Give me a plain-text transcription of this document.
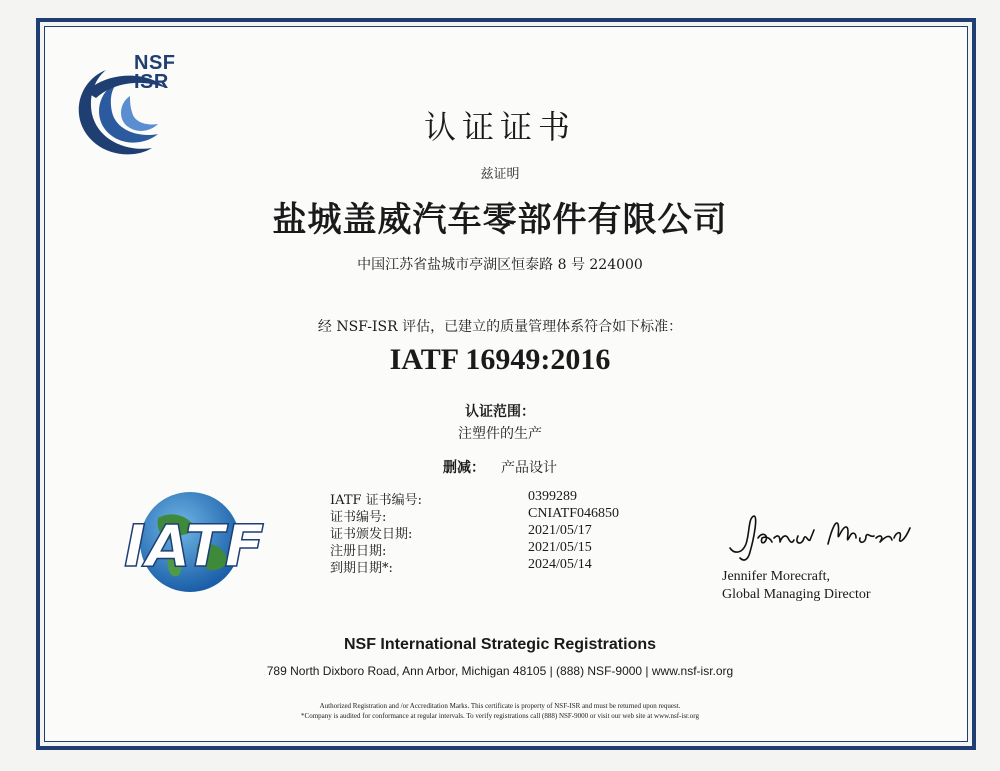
NSF
ISR
认证证书
兹证明
盐城盖威汽车零部件有限公司
中国江苏省盐城市亭湖区恒泰路 8 号 224000
经 NSF-ISR 评估，已建立的质量管理体系符合如下标准：
IATF 16949:2016
认证范围：
注塑件的生产
删减： 产品设计
IATF
IATF 证书编号:	0399289
证书编号:	CNIATF046850
证书颁发日期:	2021/05/17
注册日期:	2021/05/15
到期日期*:	2024/05/14
Jennifer Morecraft,
Global Managing Director
NSF International Strategic Registrations
789 North Dixboro Road, Ann Arbor, Michigan 48105 | (888) NSF-9000 | www.nsf-isr.org
Authorized Registration and /or Accreditation Marks. This certificate is property of NSF-ISR and must be returned upon request.
*Company is audited for conformance at regular intervals. To verify registrations call (888) NSF-9000 or visit our web site at www.nsf-isr.org
